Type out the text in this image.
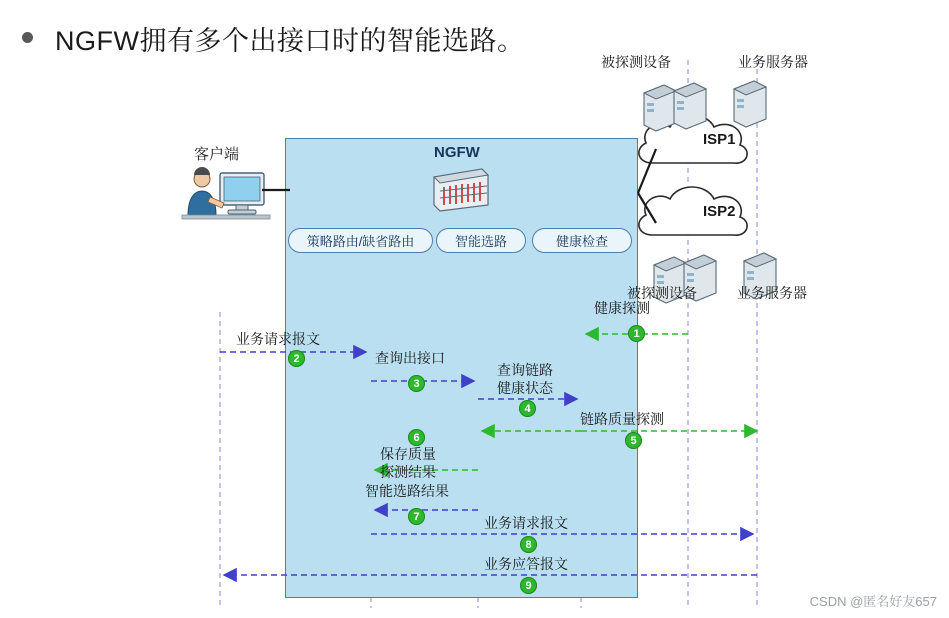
NGFW拥有多个出接口时的智能选路。
NGFW
策略路由/缺省路由	智能选路	健康检查
客户端
ISP1
ISP2
被探测设备	业务服务器
被探测设备	业务服务器
健康探测
1
业务请求报文
2	查询出接口
3
查询链路
健康状态
4
链路质量探测
5
保存质量
探测结果
6
智能选路结果
7	业务请求报文
8
业务应答报文
9
CSDN @匿名好友657
